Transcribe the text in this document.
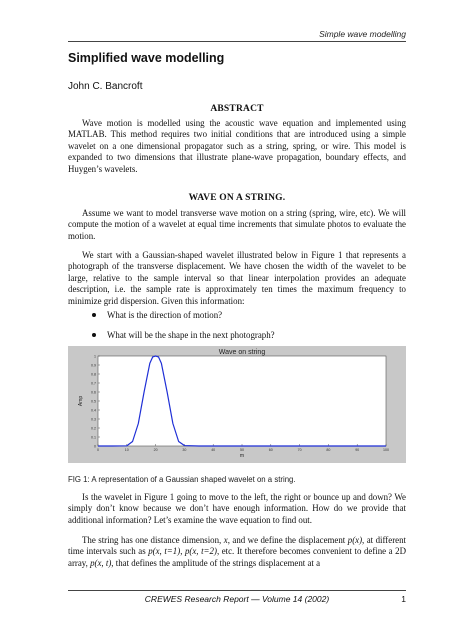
Simple wave modelling
Simplified wave modelling
John C. Bancroft
ABSTRACT
Wave motion is modelled using the acoustic wave equation and implemented using MATLAB. This method requires two initial conditions that are introduced using a simple wavelet on a one dimensional propagator such as a string, spring, or wire. This model is expanded to two dimensions that illustrate plane-wave propagation, boundary effects, and Huygen’s wavelets.
WAVE ON A STRING.
Assume we want to model transverse wave motion on a string (spring, wire, etc). We will compute the motion of a wavelet at equal time increments that simulate photos to evaluate the motion.
We start with a Gaussian-shaped wavelet illustrated below in Figure 1 that represents a photograph of the transverse displacement. We have chosen the width of the wavelet to be large, relative to the sample interval so that linear interpolation provides an adequate description, i.e. the sample rate is approximately ten times the maximum frequency to minimize grid dispersion. Given this information:
What is the direction of motion?
What will be the shape in the next photograph?
Wave on string
0
0.1
0.2
0.3
0.4
0.5
0.6
0.7
0.8
0.9
1
0	10	20	30	40	50	60	70	80	90	100
Amp
m
FIG 1: A representation of a Gaussian shaped wavelet on a string.
Is the wavelet in Figure 1 going to move to the left, the right or bounce up and down? We simply don’t know because we don’t have enough information. How do we provide that additional information? Let’s examine the wave equation to find out.
The string has one distance dimension, x, and we define the displacement p(x), at different time intervals such as p(x, t=1), p(x, t=2), etc. It therefore becomes convenient to define a 2D array, p(x, t), that defines the amplitude of the strings displacement at a
CREWES Research Report — Volume 14 (2002)	1
